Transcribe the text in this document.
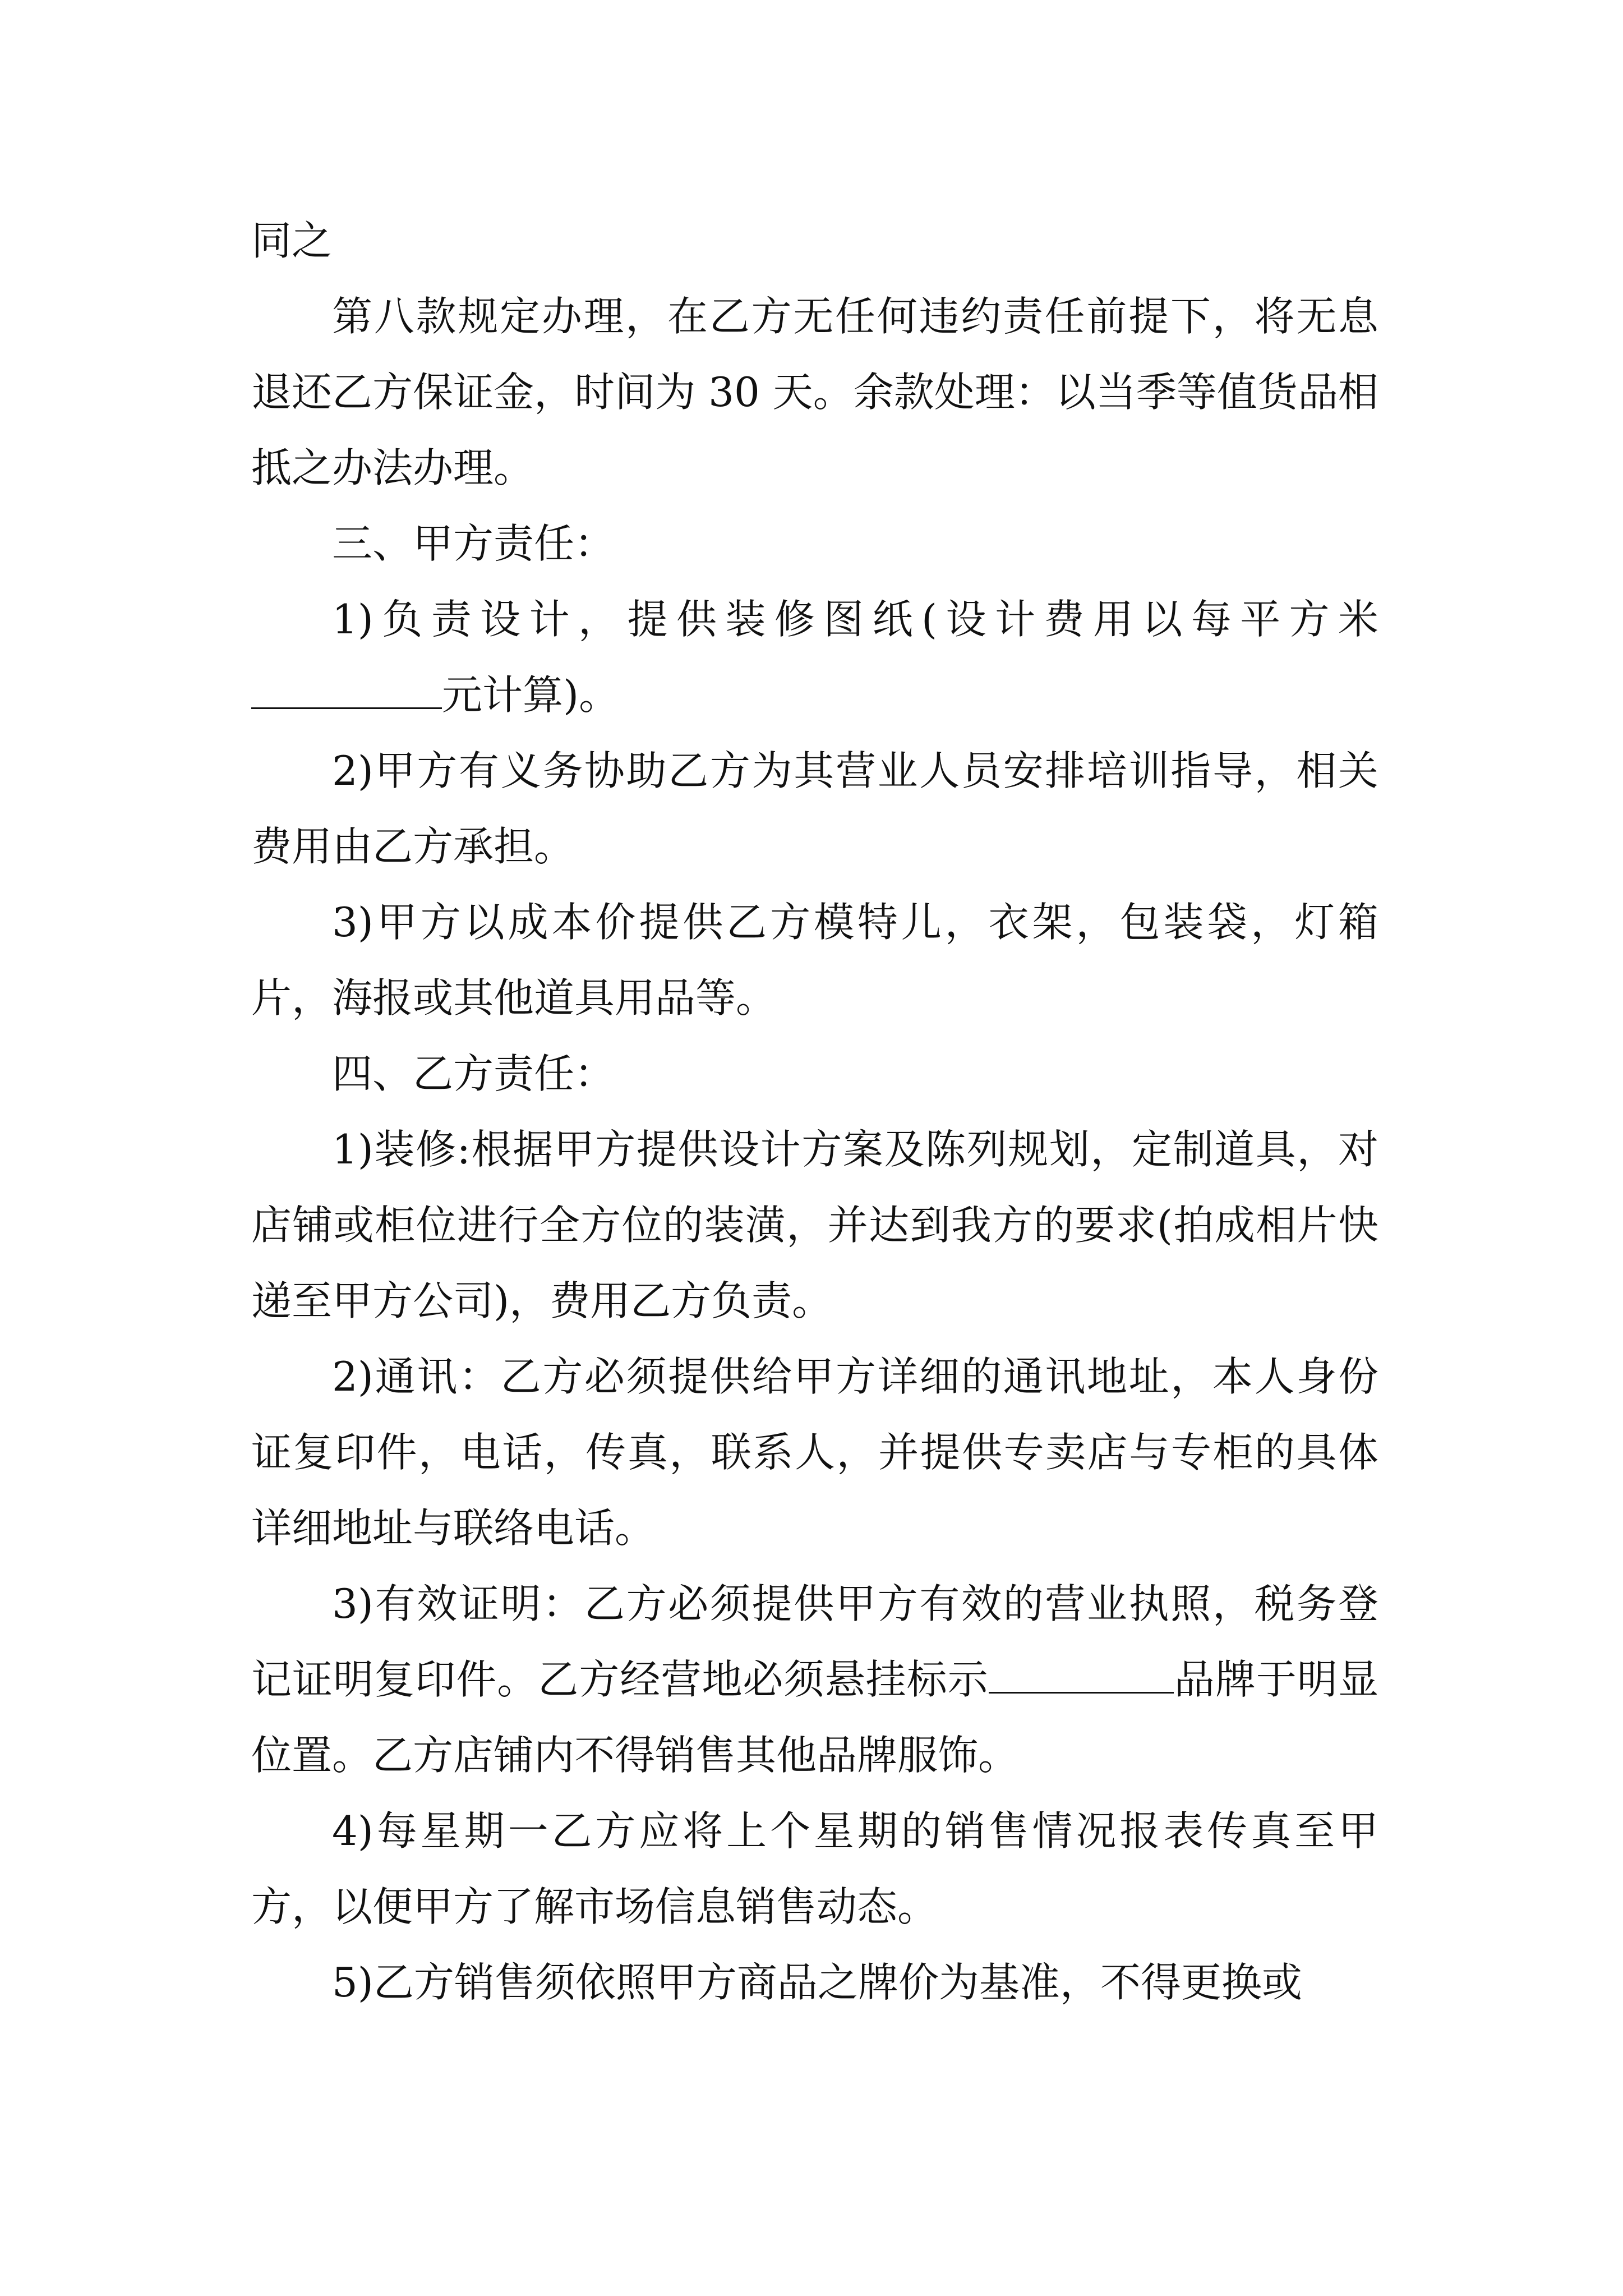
同之

第八款规定办理，在乙方无任何违约责任前提下，将无息退还乙方保证金，时间为 30 天。余款处理：以当季等值货品相抵之办法办理。

三、甲方责任：

1)负责设计，提供装修图纸(设计费用以每平方米元计算)。

2)甲方有义务协助乙方为其营业人员安排培训指导，相关费用由乙方承担。

3)甲方以成本价提供乙方模特儿，衣架，包装袋，灯箱片，海报或其他道具用品等。

四、乙方责任：

1)装修:根据甲方提供设计方案及陈列规划，定制道具，对店铺或柜位进行全方位的装潢，并达到我方的要求(拍成相片快递至甲方公司)，费用乙方负责。

2)通讯：乙方必须提供给甲方详细的通讯地址，本人身份证复印件，电话，传真，联系人，并提供专卖店与专柜的具体详细地址与联络电话。

3)有效证明：乙方必须提供甲方有效的营业执照，税务登记证明复印件。乙方经营地必须悬挂标示	品牌于明显位置。乙方店铺内不得销售其他品牌服饰。

4)每星期一乙方应将上个星期的销售情况报表传真至甲方，以便甲方了解市场信息销售动态。

5)乙方销售须依照甲方商品之牌价为基准，不得更换或
